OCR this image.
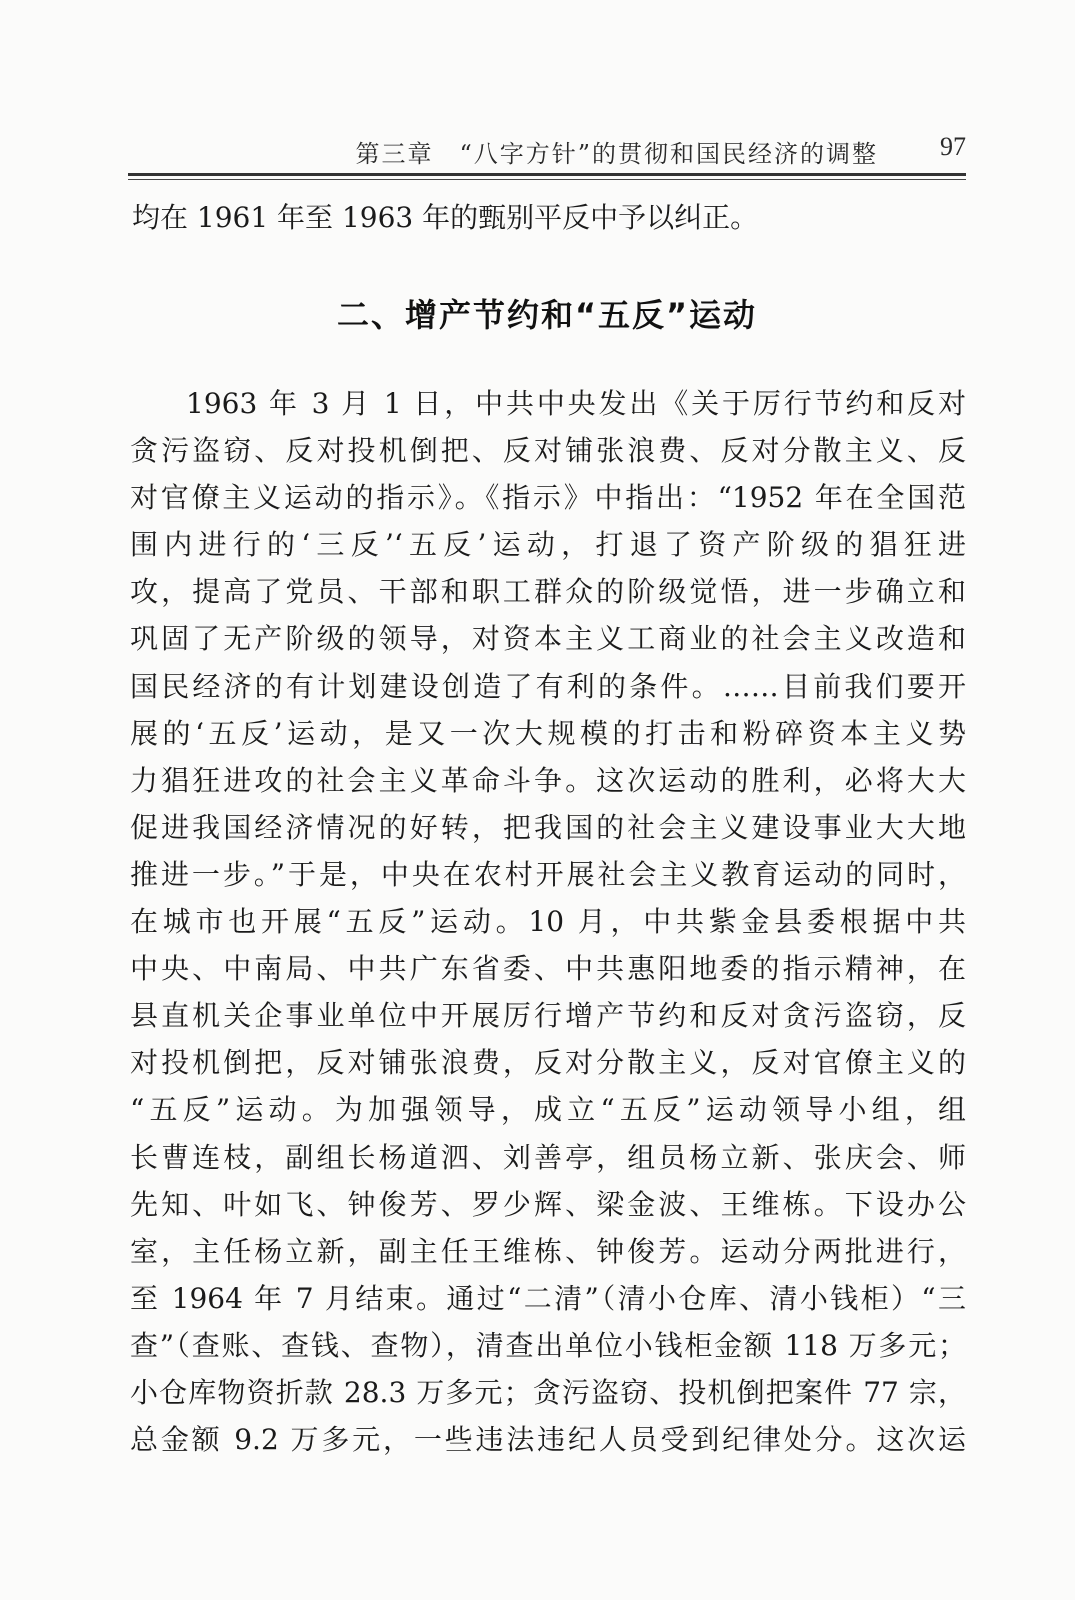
第三章　“八字方针”的贯彻和国民经济的调整 97
均在 1961 年至 1963 年的甄别平反中予以纠正。
二、增产节约和“五反”运动
1963 年 3 月 1 日，中共中央发出《关于厉行节约和反对
贪污盗窃、反对投机倒把、反对铺张浪费、反对分散主义、反
对官僚主义运动的指示》。《指示》中指出：“1952 年在全国范
围内进行的‘三反’‘五反’运动，打退了资产阶级的猖狂进
攻，提高了党员、干部和职工群众的阶级觉悟，进一步确立和
巩固了无产阶级的领导，对资本主义工商业的社会主义改造和
国民经济的有计划建设创造了有利的条件。……目前我们要开
展的‘五反’运动，是又一次大规模的打击和粉碎资本主义势
力猖狂进攻的社会主义革命斗争。这次运动的胜利，必将大大
促进我国经济情况的好转，把我国的社会主义建设事业大大地
推进一步。”于是，中央在农村开展社会主义教育运动的同时，
在城市也开展“五反”运动。10 月，中共紫金县委根据中共
中央、中南局、中共广东省委、中共惠阳地委的指示精神，在
县直机关企事业单位中开展厉行增产节约和反对贪污盗窃，反
对投机倒把，反对铺张浪费，反对分散主义，反对官僚主义的
“五反”运动。为加强领导，成立“五反”运动领导小组，组
长曹连枝，副组长杨道泗、刘善亭，组员杨立新、张庆会、师
先知、叶如飞、钟俊芳、罗少辉、梁金波、王维栋。下设办公
室，主任杨立新，副主任王维栋、钟俊芳。运动分两批进行，
至 1964 年 7 月结束。通过“二清”（清小仓库、清小钱柜）“三
查”（查账、查钱、查物），清查出单位小钱柜金额 118 万多元；
小仓库物资折款 28.3 万多元；贪污盗窃、投机倒把案件 77 宗，
总金额 9.2 万多元，一些违法违纪人员受到纪律处分。这次运
